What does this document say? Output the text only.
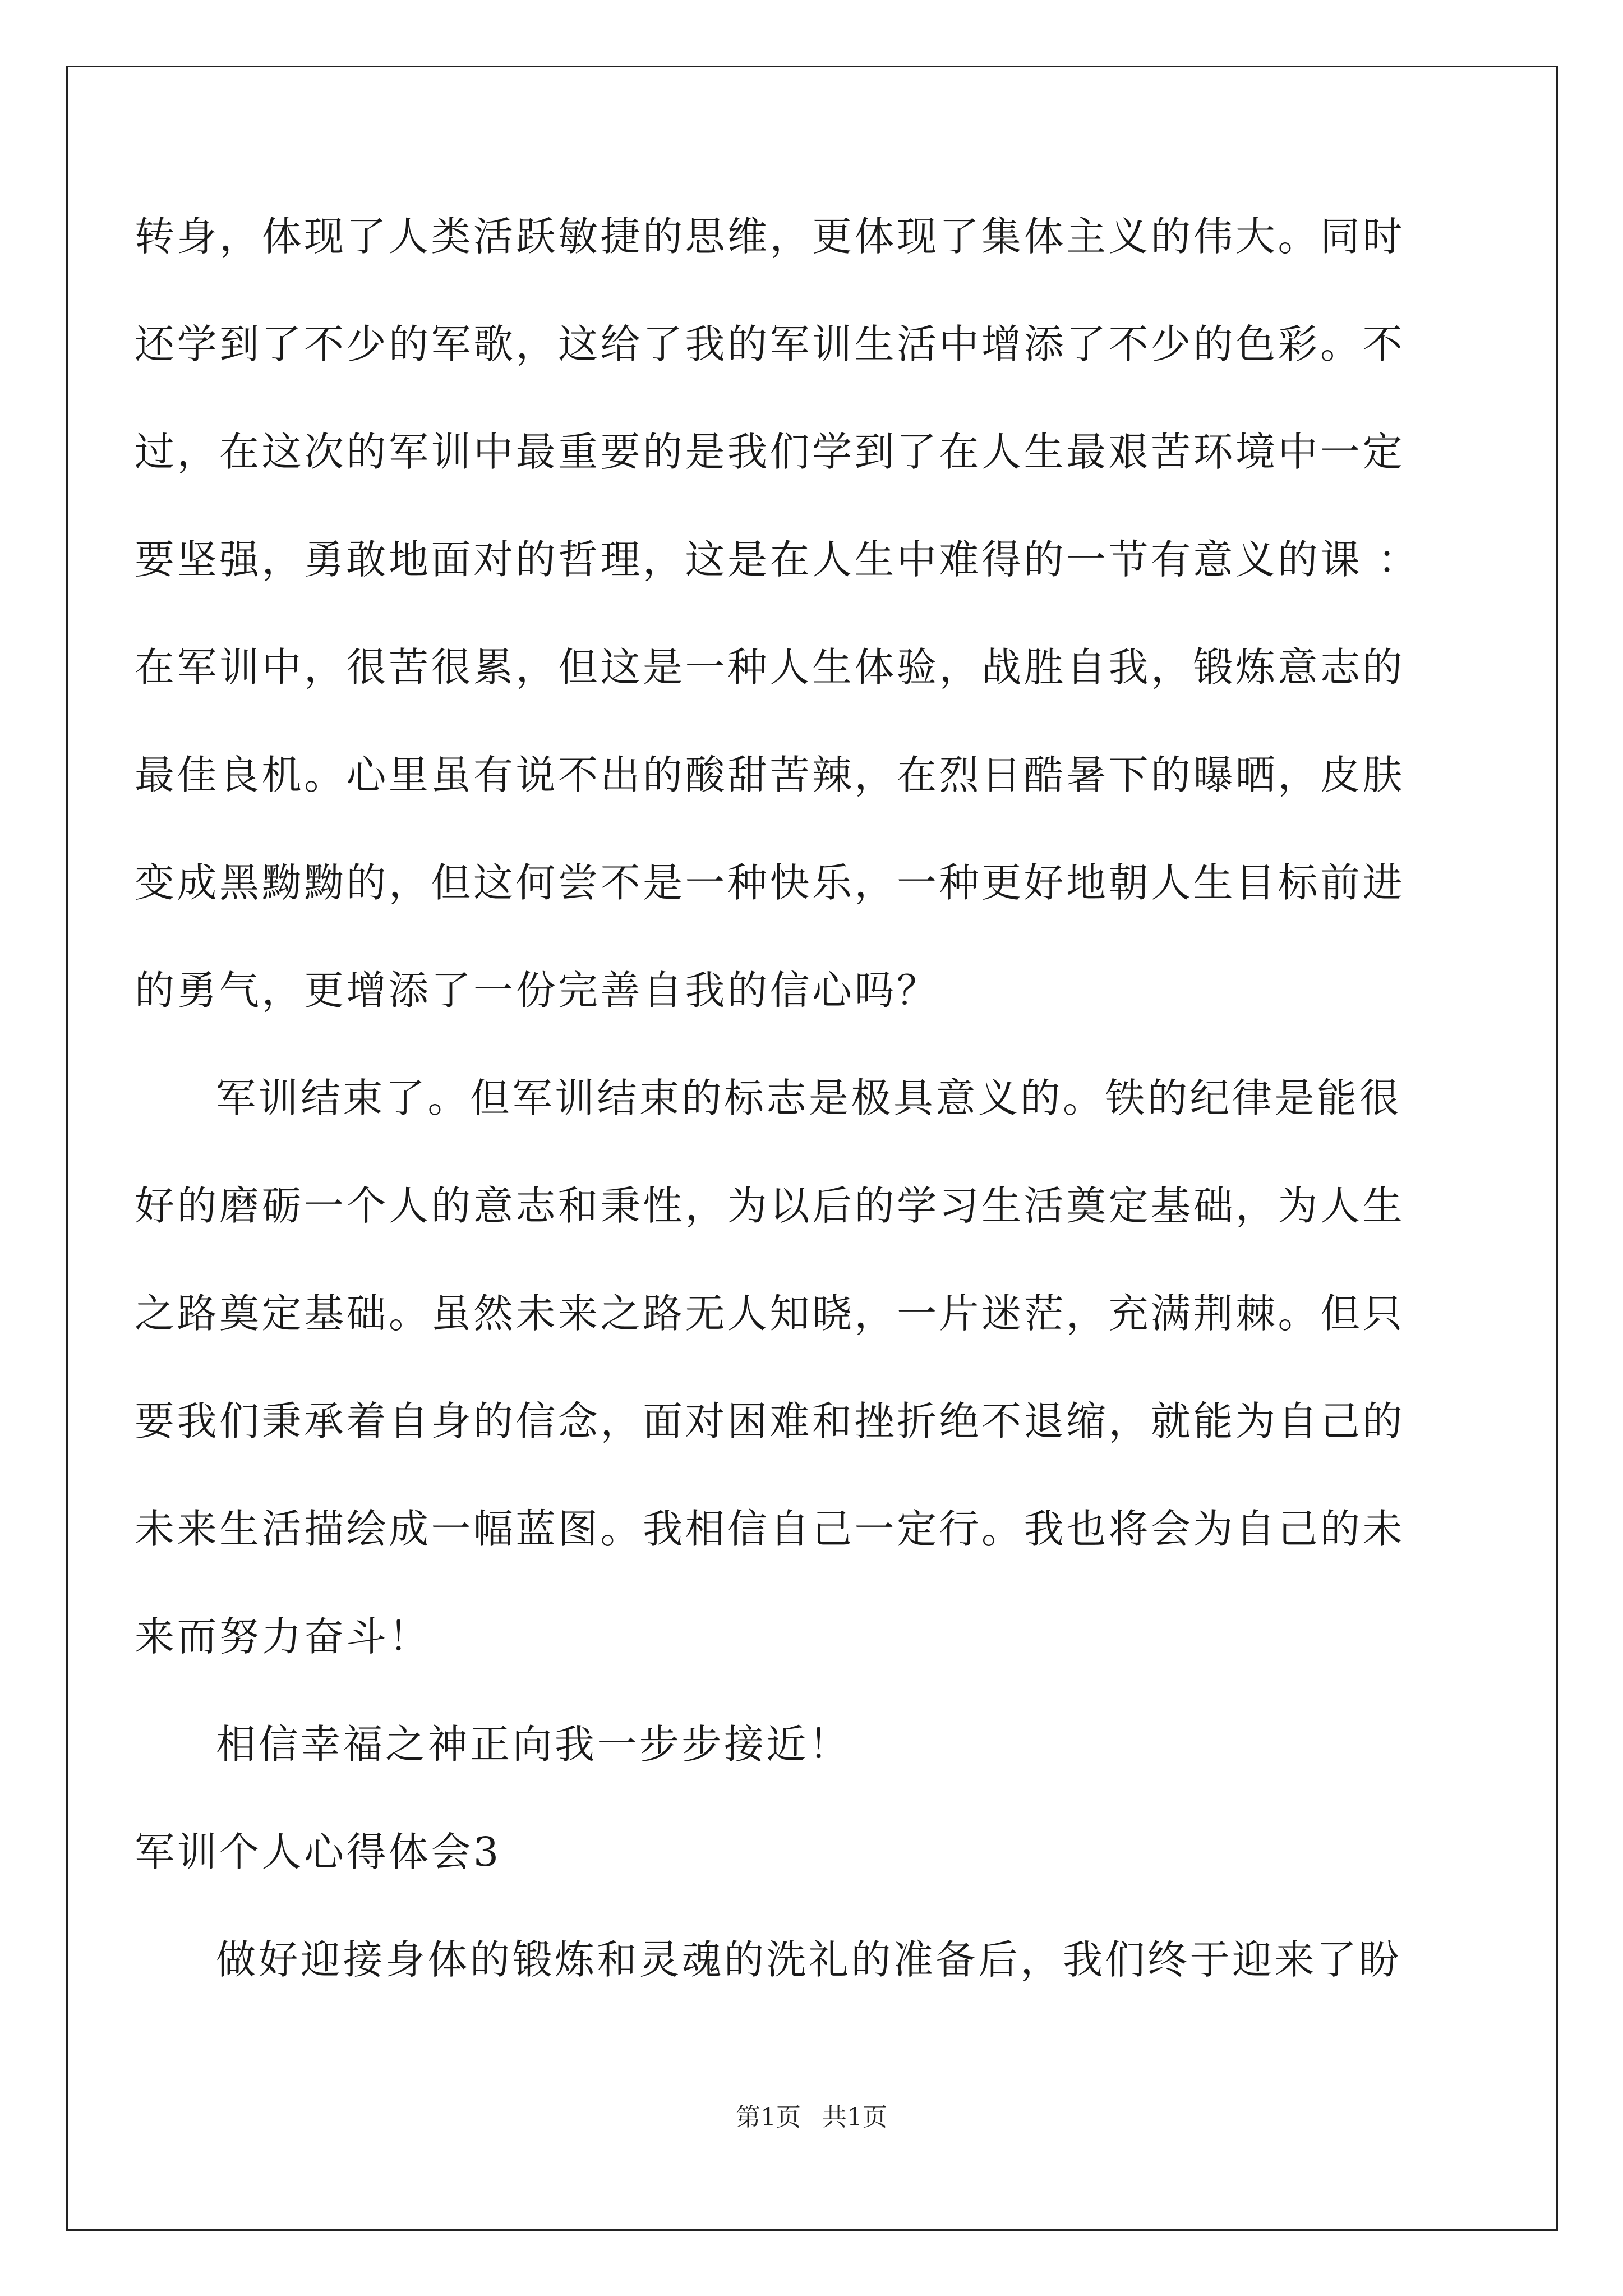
转身，体现了人类活跃敏捷的思维，更体现了集体主义的伟大。同时
还学到了不少的军歌，这给了我的军训生活中增添了不少的色彩。不
过，在这次的军训中最重要的是我们学到了在人生最艰苦环境中一定
要坚强，勇敢地面对的哲理，这是在人生中难得的一节有意义的课 ：
在军训中，很苦很累，但这是一种人生体验，战胜自我，锻炼意志的
最佳良机。心里虽有说不出的酸甜苦辣，在烈日酷暑下的曝晒，皮肤
变成黑黝黝的，但这何尝不是一种快乐，一种更好地朝人生目标前进
的勇气，更增添了一份完善自我的信心吗？
军训结束了。但军训结束的标志是极具意义的。铁的纪律是能很
好的磨砺一个人的意志和秉性，为以后的学习生活奠定基础，为人生
之路奠定基础。虽然未来之路无人知晓，一片迷茫，充满荆棘。但只
要我们秉承着自身的信念，面对困难和挫折绝不退缩，就能为自己的
未来生活描绘成一幅蓝图。我相信自己一定行。我也将会为自己的未
来而努力奋斗！
相信幸福之神正向我一步步接近！
军训个人心得体会3
做好迎接身体的锻炼和灵魂的洗礼的准备后，我们终于迎来了盼
第1页 共1页
